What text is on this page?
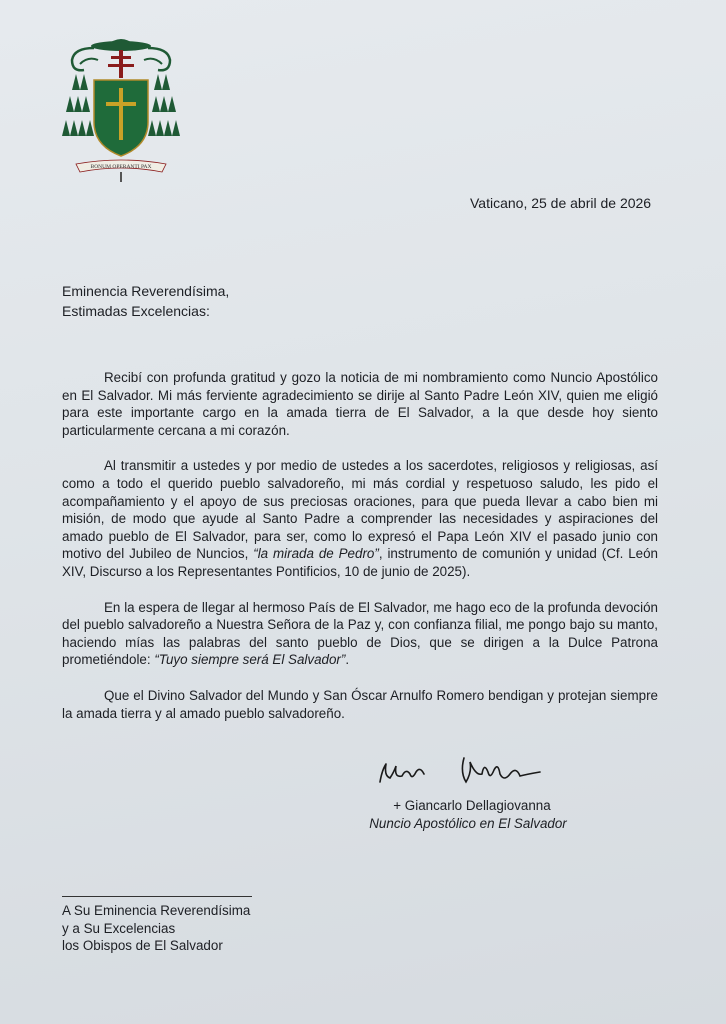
BONUM OPERANTI PAX
Vaticano, 25 de abril de 2026
Eminencia Reverendísima,
Estimadas Excelencias:

Recibí con profunda gratitud y gozo la noticia de mi nombramiento como Nuncio Apostólico en El Salvador. Mi más ferviente agradecimiento se dirije al Santo Padre León XIV, quien me eligió para este importante cargo en la amada tierra de El Salvador, a la que desde hoy siento particularmente cercana a mi corazón.

Al transmitir a ustedes y por medio de ustedes a los sacerdotes, religiosos y religiosas, así como a todo el querido pueblo salvadoreño, mi más cordial y respetuoso saludo, les pido el acompañamiento y el apoyo de sus preciosas oraciones, para que pueda llevar a cabo bien mi misión, de modo que ayude al Santo Padre a comprender las necesidades y aspiraciones del amado pueblo de El Salvador, para ser, como lo expresó el Papa León XIV el pasado junio con motivo del Jubileo de Nuncios, “la mirada de Pedro”, instrumento de comunión y unidad (Cf. León XIV, Discurso a los Representantes Pontificios, 10 de junio de 2025).

En la espera de llegar al hermoso País de El Salvador, me hago eco de la profunda devoción del pueblo salvadoreño a Nuestra Señora de la Paz y, con confianza filial, me pongo bajo su manto, haciendo mías las palabras del santo pueblo de Dios, que se dirigen a la Dulce Patrona prometiéndole: “Tuyo siempre será El Salvador”.

Que el Divino Salvador del Mundo y San Óscar Arnulfo Romero bendigan y protejan siempre la amada tierra y al amado pueblo salvadoreño.

+ Giancarlo Dellagiovanna
Nuncio Apostólico en El Salvador
A Su Eminencia Reverendísima
y a Su Excelencias
los Obispos de El Salvador
